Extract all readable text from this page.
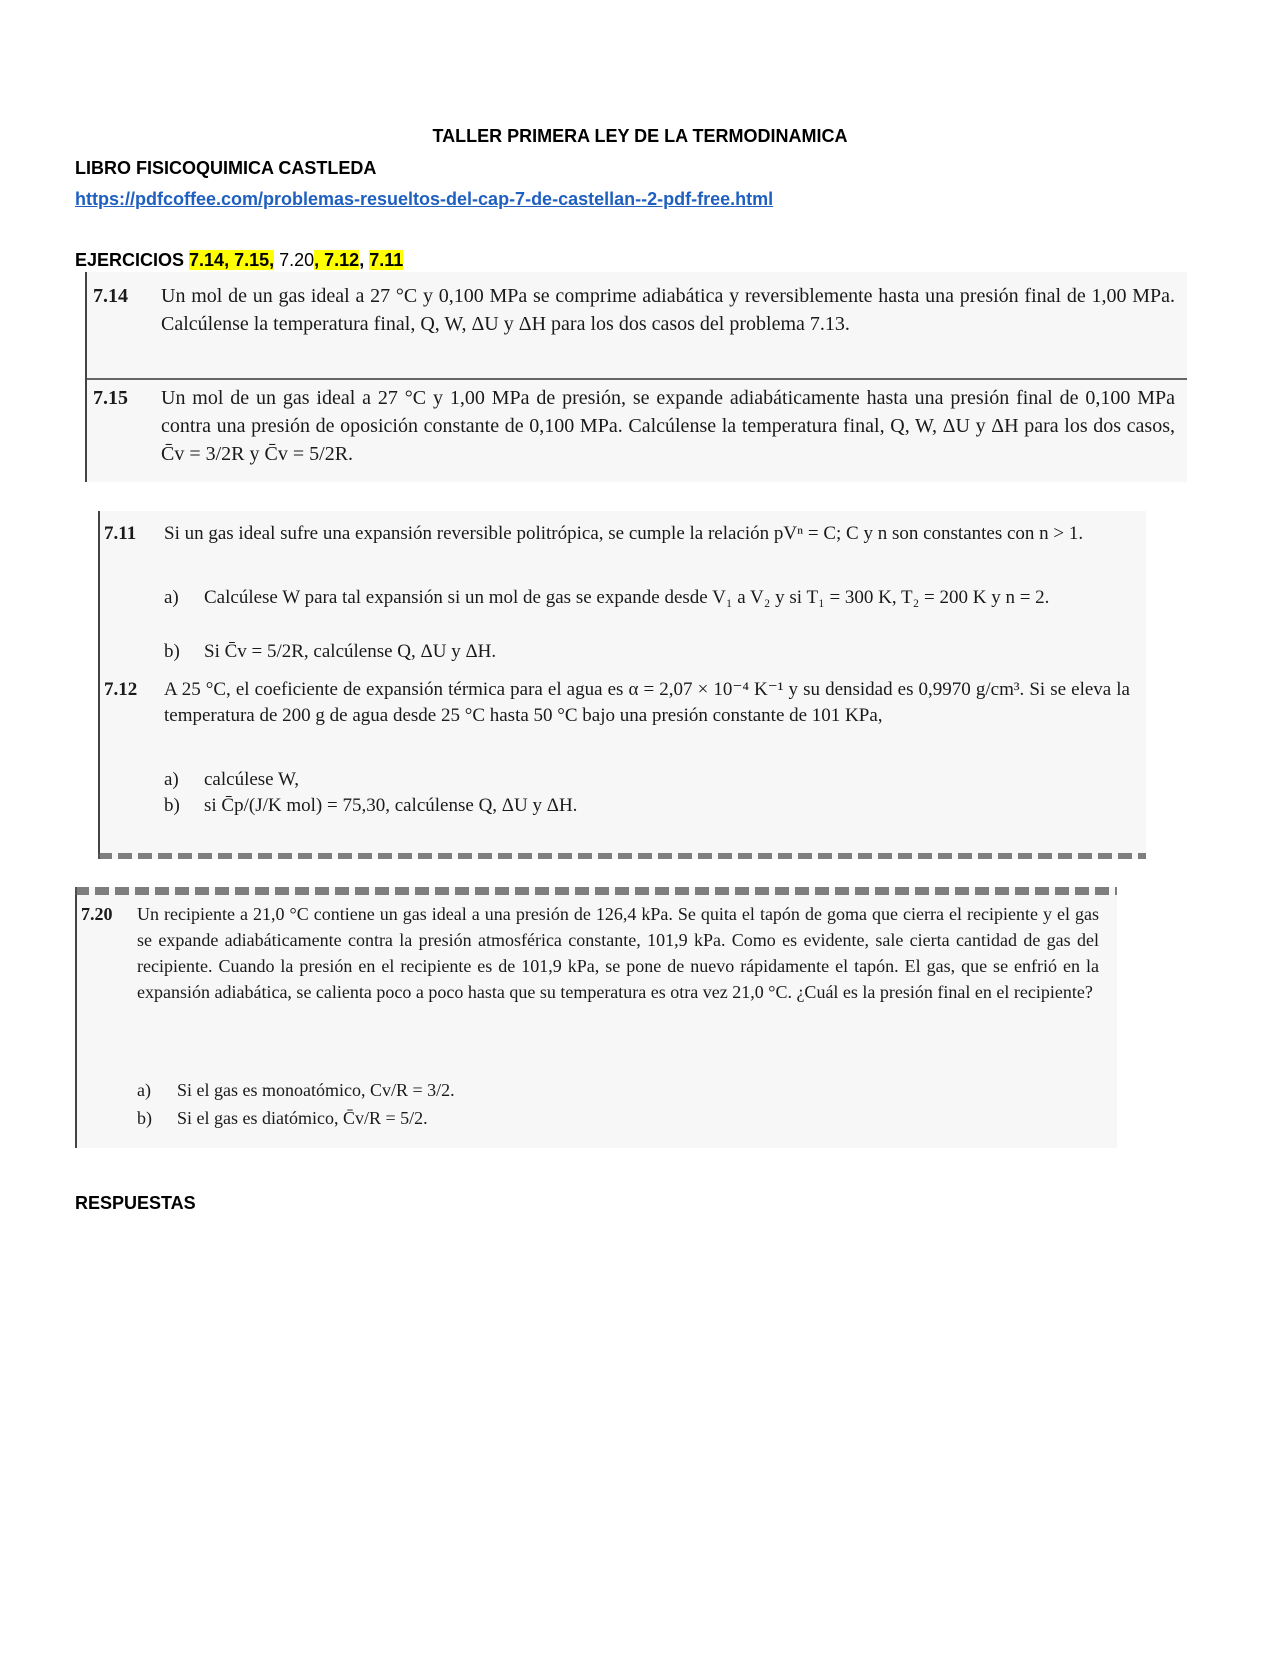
TALLER PRIMERA LEY DE LA TERMODINAMICA
LIBRO FISICOQUIMICA CASTLEDA
https://pdfcoffee.com/problemas-resueltos-del-cap-7-de-castellan--2-pdf-free.html
EJERCICIOS 7.14, 7.15, 7.20, 7.12, 7.11
7.14 Un mol de un gas ideal a 27 °C y 0,100 MPa se comprime adiabática y reversiblemente hasta una presión final de 1,00 MPa. Calcúlense la temperatura final, Q, W, ΔU y ΔH para los dos casos del problema 7.13.
7.15 Un mol de un gas ideal a 27 °C y 1,00 MPa de presión, se expande adiabáticamente hasta una presión final de 0,100 MPa contra una presión de oposición constante de 0,100 MPa. Calcúlense la temperatura final, Q, W, ΔU y ΔH para los dos casos, C̄v = 3/2R y C̄v = 5/2R.
7.11 Si un gas ideal sufre una expansión reversible politrópica, se cumple la relación pVⁿ = C; C y n son constantes con n > 1.
a) Calcúlese W para tal expansión si un mol de gas se expande desde V₁ a V₂ y si T₁ = 300 K, T₂ = 200 K y n = 2.
b) Si C̄v = 5/2R, calcúlense Q, ΔU y ΔH.
7.12 A 25 °C, el coeficiente de expansión térmica para el agua es α = 2,07 × 10⁻⁴ K⁻¹ y su densidad es 0,9970 g/cm³. Si se eleva la temperatura de 200 g de agua desde 25 °C hasta 50 °C bajo una presión constante de 101 KPa,
a) calcúlese W,
b) si C̄p/(J/K mol) = 75,30, calcúlense Q, ΔU y ΔH.
7.20 Un recipiente a 21,0 °C contiene un gas ideal a una presión de 126,4 kPa. Se quita el tapón de goma que cierra el recipiente y el gas se expande adiabáticamente contra la presión atmosférica constante, 101,9 kPa. Como es evidente, sale cierta cantidad de gas del recipiente. Cuando la presión en el recipiente es de 101,9 kPa, se pone de nuevo rápidamente el tapón. El gas, que se enfrió en la expansión adiabática, se calienta poco a poco hasta que su temperatura es otra vez 21,0 °C. ¿Cuál es la presión final en el recipiente?
a) Si el gas es monoatómico, Cv/R = 3/2.
b) Si el gas es diatómico, C̄v/R = 5/2.
RESPUESTAS
